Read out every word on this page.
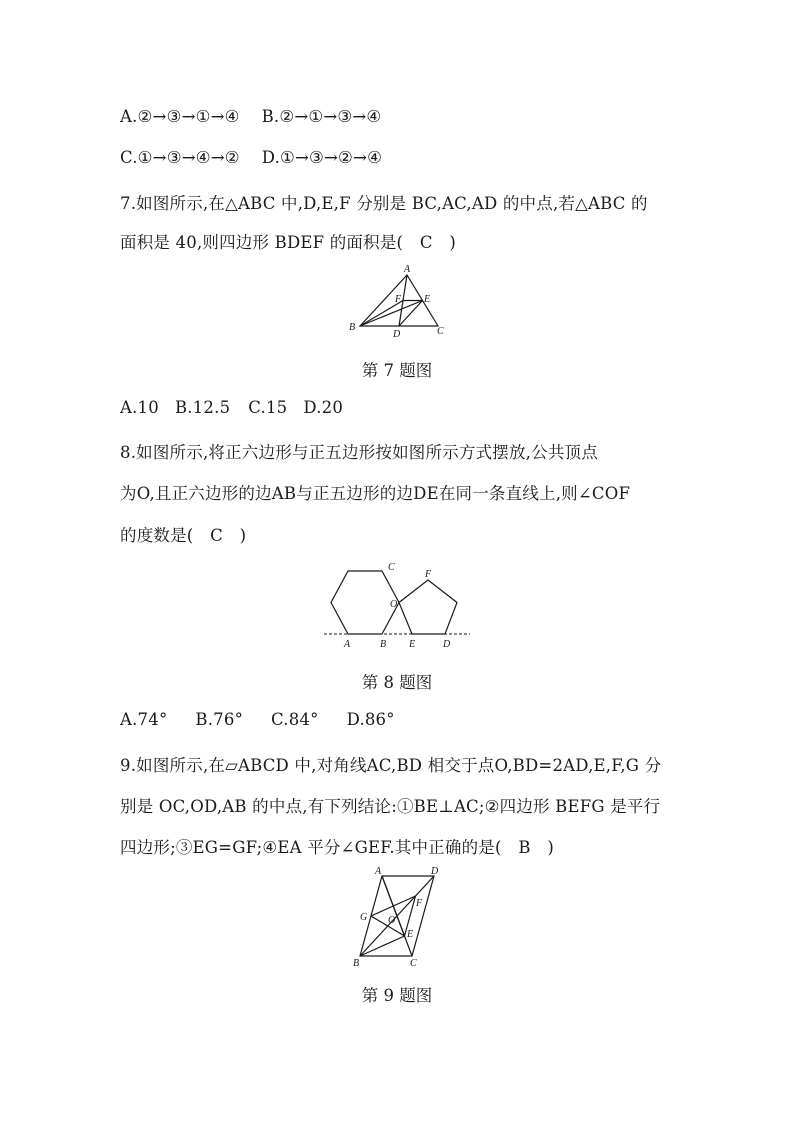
A.②→③→①→④ B.②→①→③→④
C.①→③→④→② D.①→③→②→④
7.如图所示,在△ABC 中,D,E,F 分别是 BC,AC,AD 的中点,若△ABC 的
面积是 40,则四边形 BDEF 的面积是(　C　)
A
B	C
D
E
F
第 7 题图
A.10 B.12.5 C.15 D.20
8.如图所示,将正六边形与正五边形按如图所示方式摆放,公共顶点
为O,且正六边形的边AB与正五边形的边DE在同一条直线上,则∠COF
的度数是(　C　)
A	B
C
D
E
F
O
第 8 题图
A.74° B.76° C.84° D.86°
9.如图所示,在▱ABCD 中,对角线AC,BD 相交于点O,BD=2AD,E,F,G 分
别是 OC,OD,AB 的中点,有下列结论:①BE⊥AC;②四边形 BEFG 是平行
四边形;③EG=GF;④EA 平分∠GEF.其中正确的是(　B　)
A
B	C
D
E
F
G O
第 9 题图
